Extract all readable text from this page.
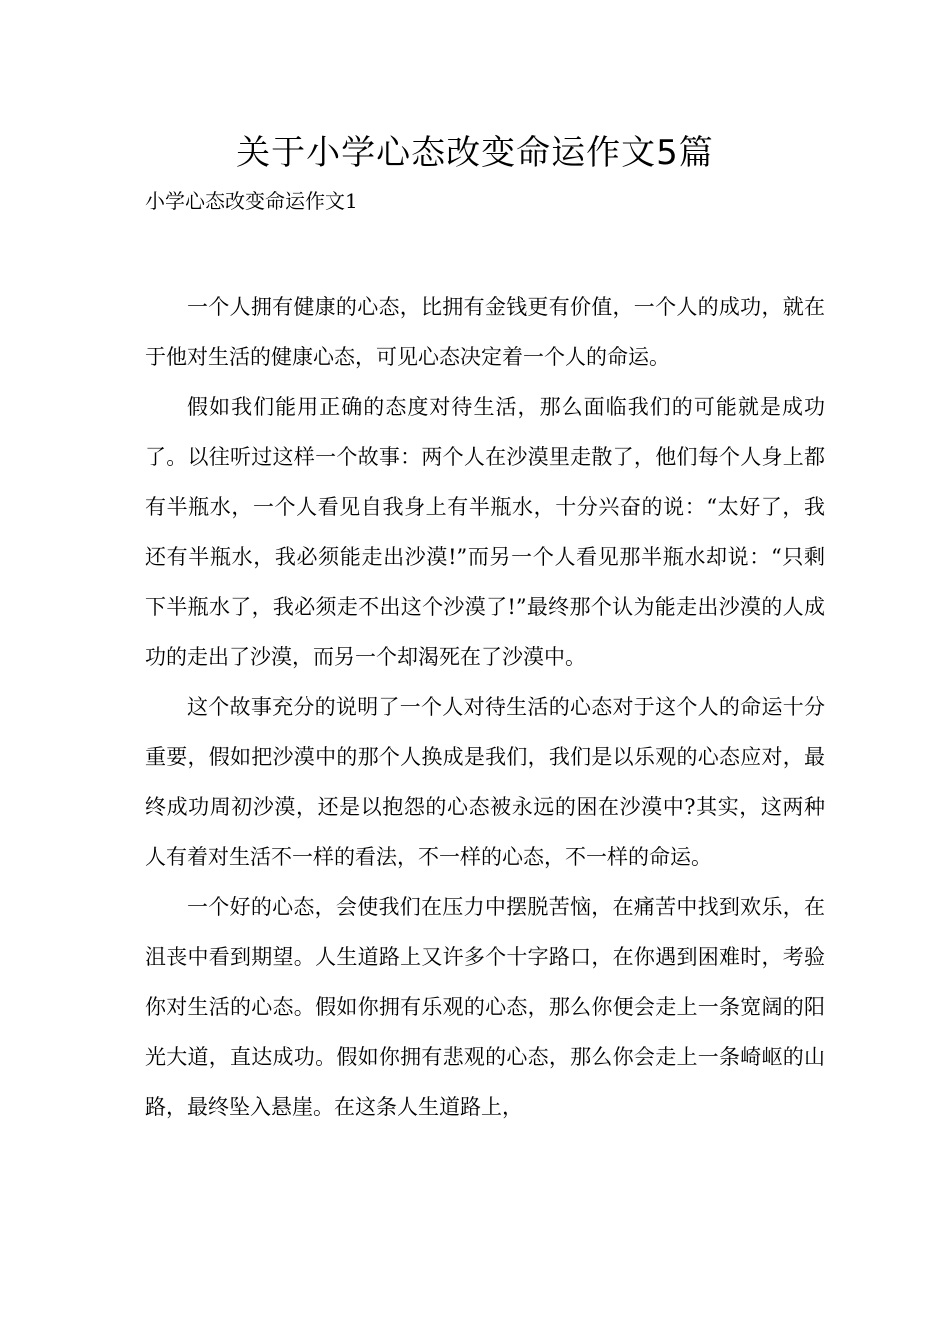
关于小学心态改变命运作文5篇
小学心态改变命运作文1

一个人拥有健康的心态，比拥有金钱更有价值，一个人的成功，就在于他对生活的健康心态，可见心态决定着一个人的命运。

假如我们能用正确的态度对待生活，那么面临我们的可能就是成功了。以往听过这样一个故事：两个人在沙漠里走散了，他们每个人身上都有半瓶水，一个人看见自我身上有半瓶水，十分兴奋的说：“太好了，我还有半瓶水，我必须能走出沙漠!”而另一个人看见那半瓶水却说：“只剩下半瓶水了，我必须走不出这个沙漠了!”最终那个认为能走出沙漠的人成功的走出了沙漠，而另一个却渴死在了沙漠中。

这个故事充分的说明了一个人对待生活的心态对于这个人的命运十分重要，假如把沙漠中的那个人换成是我们，我们是以乐观的心态应对，最终成功周初沙漠，还是以抱怨的心态被永远的困在沙漠中?其实，这两种人有着对生活不一样的看法，不一样的心态，不一样的命运。

一个好的心态，会使我们在压力中摆脱苦恼，在痛苦中找到欢乐，在沮丧中看到期望。人生道路上又许多个十字路口，在你遇到困难时，考验你对生活的心态。假如你拥有乐观的心态，那么你便会走上一条宽阔的阳光大道，直达成功。假如你拥有悲观的心态，那么你会走上一条崎岖的山路，最终坠入悬崖。在这条人生道路上，
